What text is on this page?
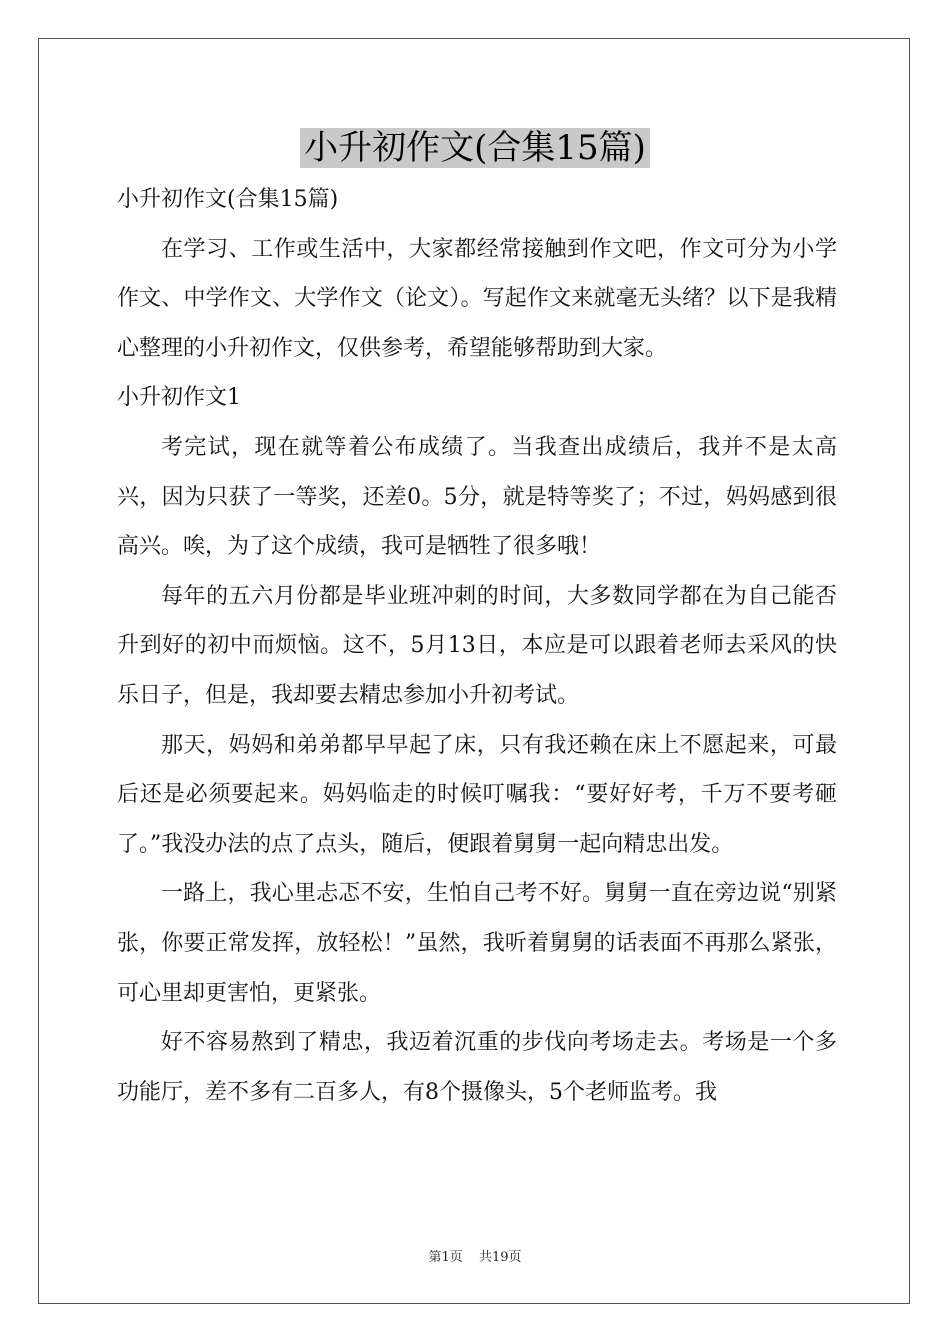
小升初作文(合集15篇)

小升初作文(合集15篇)

在学习、工作或生活中，大家都经常接触到作文吧，作文可分为小学作文、中学作文、大学作文（论文）。写起作文来就毫无头绪？以下是我精心整理的小升初作文，仅供参考，希望能够帮助到大家。

小升初作文1

考完试，现在就等着公布成绩了。当我查出成绩后，我并不是太高兴，因为只获了一等奖，还差0。5分，就是特等奖了；不过，妈妈感到很高兴。唉，为了这个成绩，我可是牺牲了很多哦！

每年的五六月份都是毕业班冲刺的时间，大多数同学都在为自己能否升到好的初中而烦恼。这不，5月13日，本应是可以跟着老师去采风的快乐日子，但是，我却要去精忠参加小升初考试。

那天，妈妈和弟弟都早早起了床，只有我还赖在床上不愿起来，可最后还是必须要起来。妈妈临走的时候叮嘱我：“要好好考，千万不要考砸了。”我没办法的点了点头，随后，便跟着舅舅一起向精忠出发。

一路上，我心里忐忑不安，生怕自己考不好。舅舅一直在旁边说“别紧张，你要正常发挥，放轻松！”虽然，我听着舅舅的话表面不再那么紧张，可心里却更害怕，更紧张。

好不容易熬到了精忠，我迈着沉重的步伐向考场走去。考场是一个多功能厅，差不多有二百多人，有8个摄像头，5个老师监考。我

第1页 共19页
